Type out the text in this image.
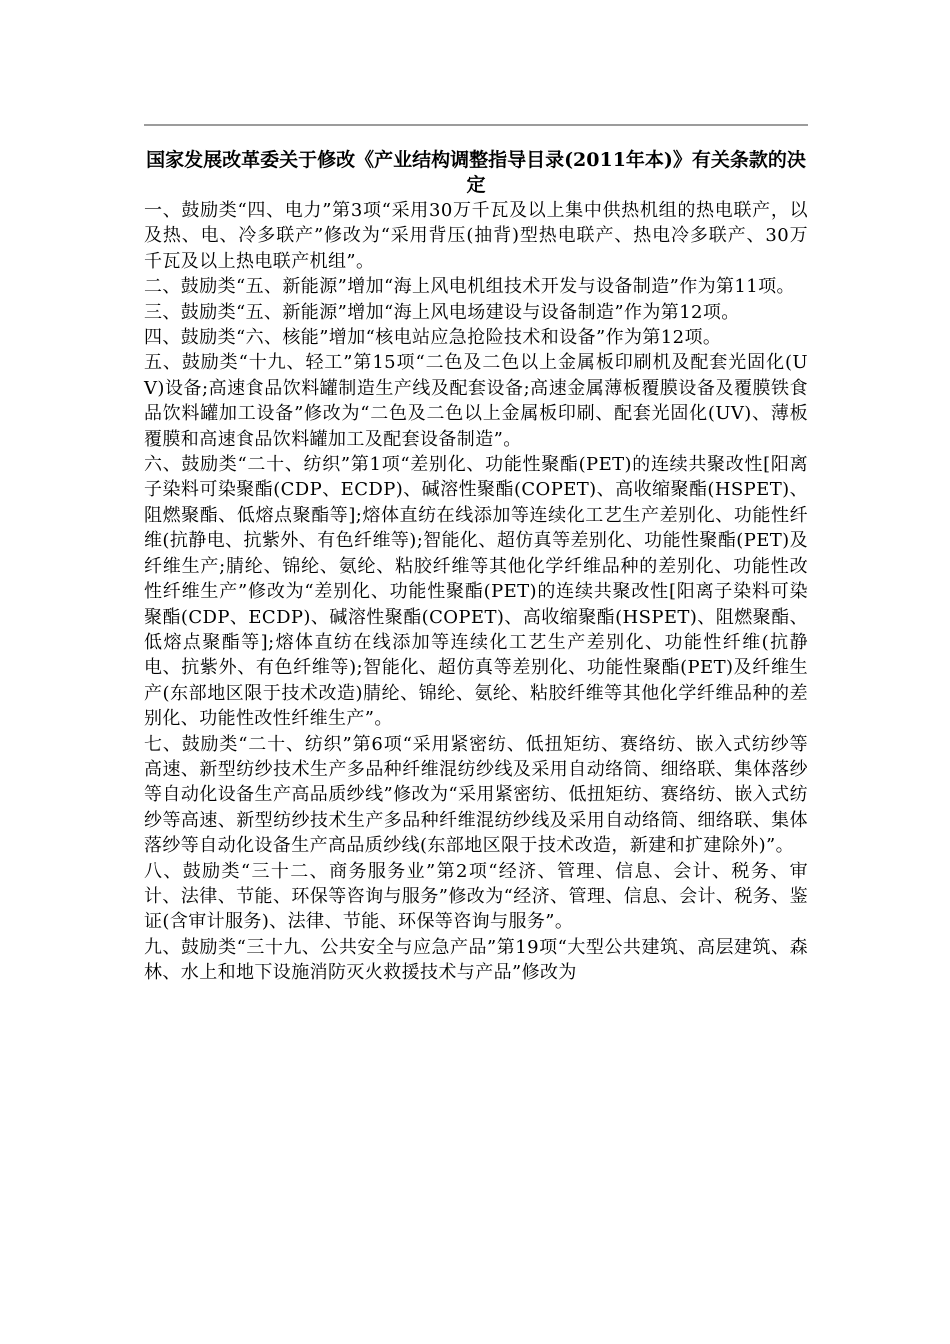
国家发展改革委关于修改《产业结构调整指导目录(2011年本)》有关条款的决定

一、鼓励类“四、电力”第3项“采用30万千瓦及以上集中供热机组的热电联产，以及热、电、冷多联产”修改为“采用背压(抽背)型热电联产、热电冷多联产、30万千瓦及以上热电联产机组”。

二、鼓励类“五、新能源”增加“海上风电机组技术开发与设备制造”作为第11项。

三、鼓励类“五、新能源”增加“海上风电场建设与设备制造”作为第12项。

四、鼓励类“六、核能”增加“核电站应急抢险技术和设备”作为第12项。

五、鼓励类“十九、轻工”第15项“二色及二色以上金属板印刷机及配套光固化(UV)设备;高速食品饮料罐制造生产线及配套设备;高速金属薄板覆膜设备及覆膜铁食品饮料罐加工设备”修改为“二色及二色以上金属板印刷、配套光固化(UV)、薄板覆膜和高速食品饮料罐加工及配套设备制造”。

六、鼓励类“二十、纺织”第1项“差别化、功能性聚酯(PET)的连续共聚改性[阳离子染料可染聚酯(CDP、ECDP)、碱溶性聚酯(COPET)、高收缩聚酯(HSPET)、阻燃聚酯、低熔点聚酯等];熔体直纺在线添加等连续化工艺生产差别化、功能性纤维(抗静电、抗紫外、有色纤维等);智能化、超仿真等差别化、功能性聚酯(PET)及纤维生产;腈纶、锦纶、氨纶、粘胶纤维等其他化学纤维品种的差别化、功能性改性纤维生产”修改为“差别化、功能性聚酯(PET)的连续共聚改性[阳离子染料可染聚酯(CDP、ECDP)、碱溶性聚酯(COPET)、高收缩聚酯(HSPET)、阻燃聚酯、低熔点聚酯等];熔体直纺在线添加等连续化工艺生产差别化、功能性纤维(抗静电、抗紫外、有色纤维等);智能化、超仿真等差别化、功能性聚酯(PET)及纤维生产(东部地区限于技术改造)腈纶、锦纶、氨纶、粘胶纤维等其他化学纤维品种的差别化、功能性改性纤维生产”。

七、鼓励类“二十、纺织”第6项“采用紧密纺、低扭矩纺、赛络纺、嵌入式纺纱等高速、新型纺纱技术生产多品种纤维混纺纱线及采用自动络筒、细络联、集体落纱等自动化设备生产高品质纱线”修改为“采用紧密纺、低扭矩纺、赛络纺、嵌入式纺纱等高速、新型纺纱技术生产多品种纤维混纺纱线及采用自动络筒、细络联、集体落纱等自动化设备生产高品质纱线(东部地区限于技术改造，新建和扩建除外)”。

八、鼓励类“三十二、商务服务业”第2项“经济、管理、信息、会计、税务、审计、法律、节能、环保等咨询与服务”修改为“经济、管理、信息、会计、税务、鉴证(含审计服务)、法律、节能、环保等咨询与服务”。

九、鼓励类“三十九、公共安全与应急产品”第19项“大型公共建筑、高层建筑、森林、水上和地下设施消防灭火救援技术与产品”修改为
